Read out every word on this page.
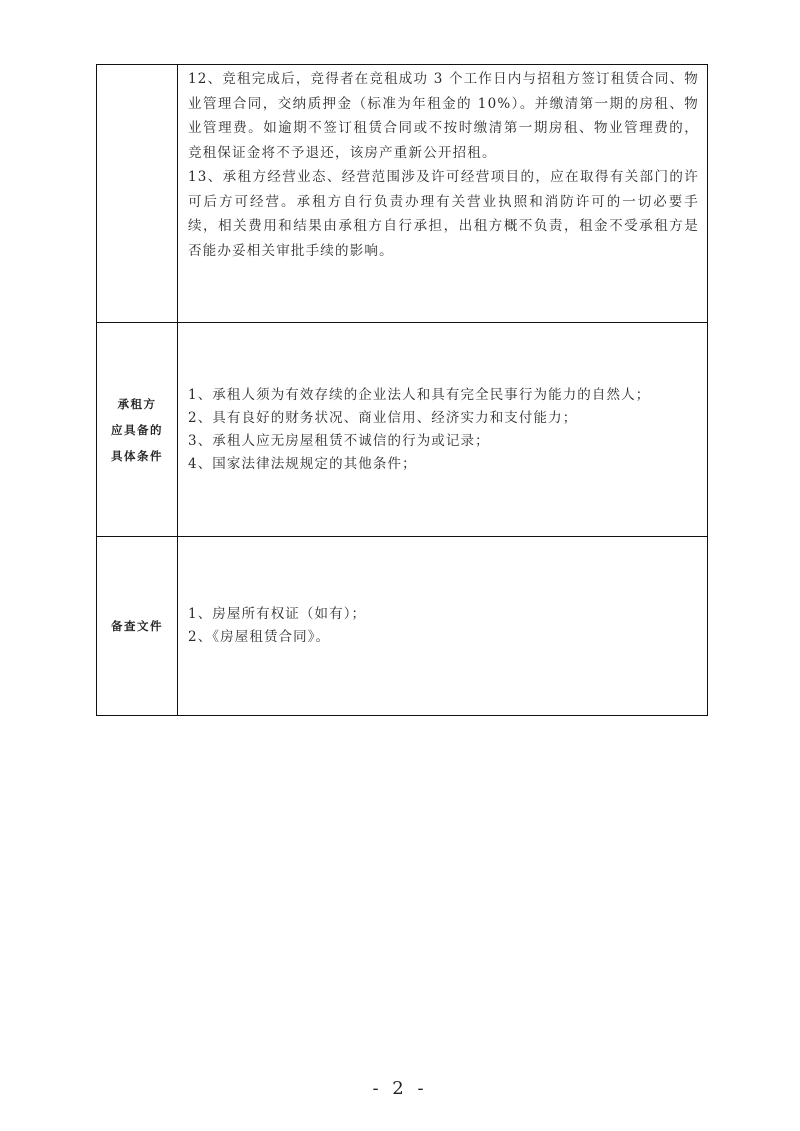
12、竞租完成后，竞得者在竞租成功 3 个工作日内与招租方签订租赁合同、物业管理合同，交纳质押金（标准为年租金的 10%）。并缴清第一期的房租、物业管理费。如逾期不签订租赁合同或不按时缴清第一期房租、物业管理费的，竞租保证金将不予退还，该房产重新公开招租。

13、承租方经营业态、经营范围涉及许可经营项目的，应在取得有关部门的许可后方可经营。承租方自行负责办理有关营业执照和消防许可的一切必要手续，相关费用和结果由承租方自行承担，出租方概不负责，租金不受承租方是否能办妥相关审批手续的影响。

承租方
应具备的
具体条件

1、承租人须为有效存续的企业法人和具有完全民事行为能力的自然人；

2、具有良好的财务状况、商业信用、经济实力和支付能力；

3、承租人应无房屋租赁不诚信的行为或记录；

4、国家法律法规规定的其他条件；

备查文件

1、房屋所有权证（如有）；

2、《房屋租赁合同》。

- 2 -
